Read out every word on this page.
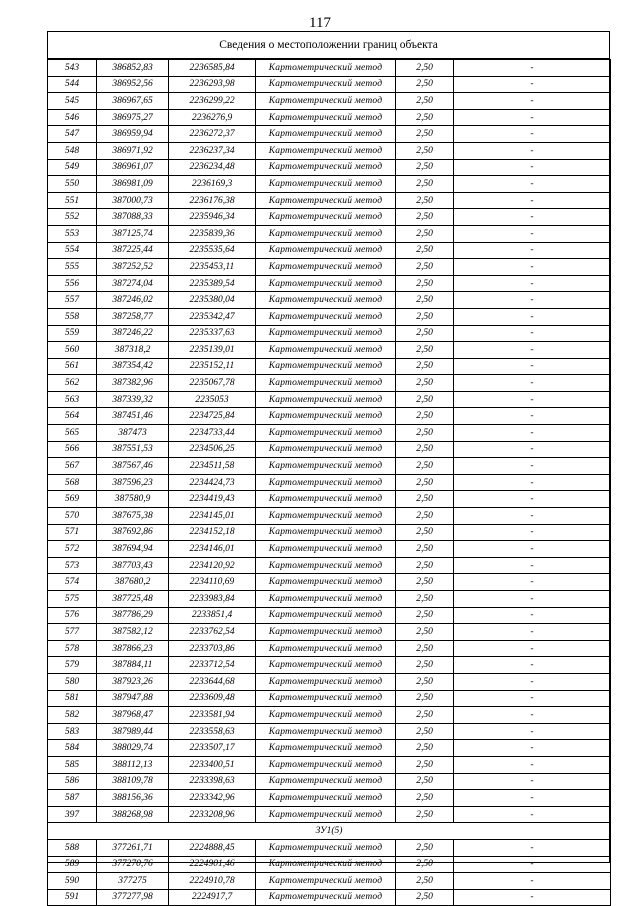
117
Сведения о местоположении границ объекта
543	386852,83	2236585,84	Картометрический метод	2,50	-
544	386952,56	2236293,98	Картометрический метод	2,50	-
545	386967,65	2236299,22	Картометрический метод	2,50	-
546	386975,27	2236276,9	Картометрический метод	2,50	-
547	386959,94	2236272,37	Картометрический метод	2,50	-
548	386971,92	2236237,34	Картометрический метод	2,50	-
549	386961,07	2236234,48	Картометрический метод	2,50	-
550	386981,09	2236169,3	Картометрический метод	2,50	-
551	387000,73	2236176,38	Картометрический метод	2,50	-
552	387088,33	2235946,34	Картометрический метод	2,50	-
553	387125,74	2235839,36	Картометрический метод	2,50	-
554	387225,44	2235535,64	Картометрический метод	2,50	-
555	387252,52	2235453,11	Картометрический метод	2,50	-
556	387274,04	2235389,54	Картометрический метод	2,50	-
557	387246,02	2235380,04	Картометрический метод	2,50	-
558	387258,77	2235342,47	Картометрический метод	2,50	-
559	387246,22	2235337,63	Картометрический метод	2,50	-
560	387318,2	2235139,01	Картометрический метод	2,50	-
561	387354,42	2235152,11	Картометрический метод	2,50	-
562	387382,96	2235067,78	Картометрический метод	2,50	-
563	387339,32	2235053	Картометрический метод	2,50	-
564	387451,46	2234725,84	Картометрический метод	2,50	-
565	387473	2234733,44	Картометрический метод	2,50	-
566	387551,53	2234506,25	Картометрический метод	2,50	-
567	387567,46	2234511,58	Картометрический метод	2,50	-
568	387596,23	2234424,73	Картометрический метод	2,50	-
569	387580,9	2234419,43	Картометрический метод	2,50	-
570	387675,38	2234145,01	Картометрический метод	2,50	-
571	387692,86	2234152,18	Картометрический метод	2,50	-
572	387694,94	2234146,01	Картометрический метод	2,50	-
573	387703,43	2234120,92	Картометрический метод	2,50	-
574	387680,2	2234110,69	Картометрический метод	2,50	-
575	387725,48	2233983,84	Картометрический метод	2,50	-
576	387786,29	2233851,4	Картометрический метод	2,50	-
577	387582,12	2233762,54	Картометрический метод	2,50	-
578	387866,23	2233703,86	Картометрический метод	2,50	-
579	387884,11	2233712,54	Картометрический метод	2,50	-
580	387923,26	2233644,68	Картометрический метод	2,50	-
581	387947,88	2233609,48	Картометрический метод	2,50	-
582	387968,47	2233581,94	Картометрический метод	2,50	-
583	387989,44	2233558,63	Картометрический метод	2,50	-
584	388029,74	2233507,17	Картометрический метод	2,50	-
585	388112,13	2233400,51	Картометрический метод	2,50	-
586	388109,78	2233398,63	Картометрический метод	2,50	-
587	388156,36	2233342,96	Картометрический метод	2,50	-
397	388268,98	2233208,96	Картометрический метод	2,50	-
ЗУ1(5)					
588	377261,71	2224888,45	Картометрический метод	2,50	-
589	377270,76	2224901,46	Картометрический метод	2,50	-
590	377275	2224910,78	Картометрический метод	2,50	-
591	377277,98	2224917,7	Картометрический метод	2,50	-
